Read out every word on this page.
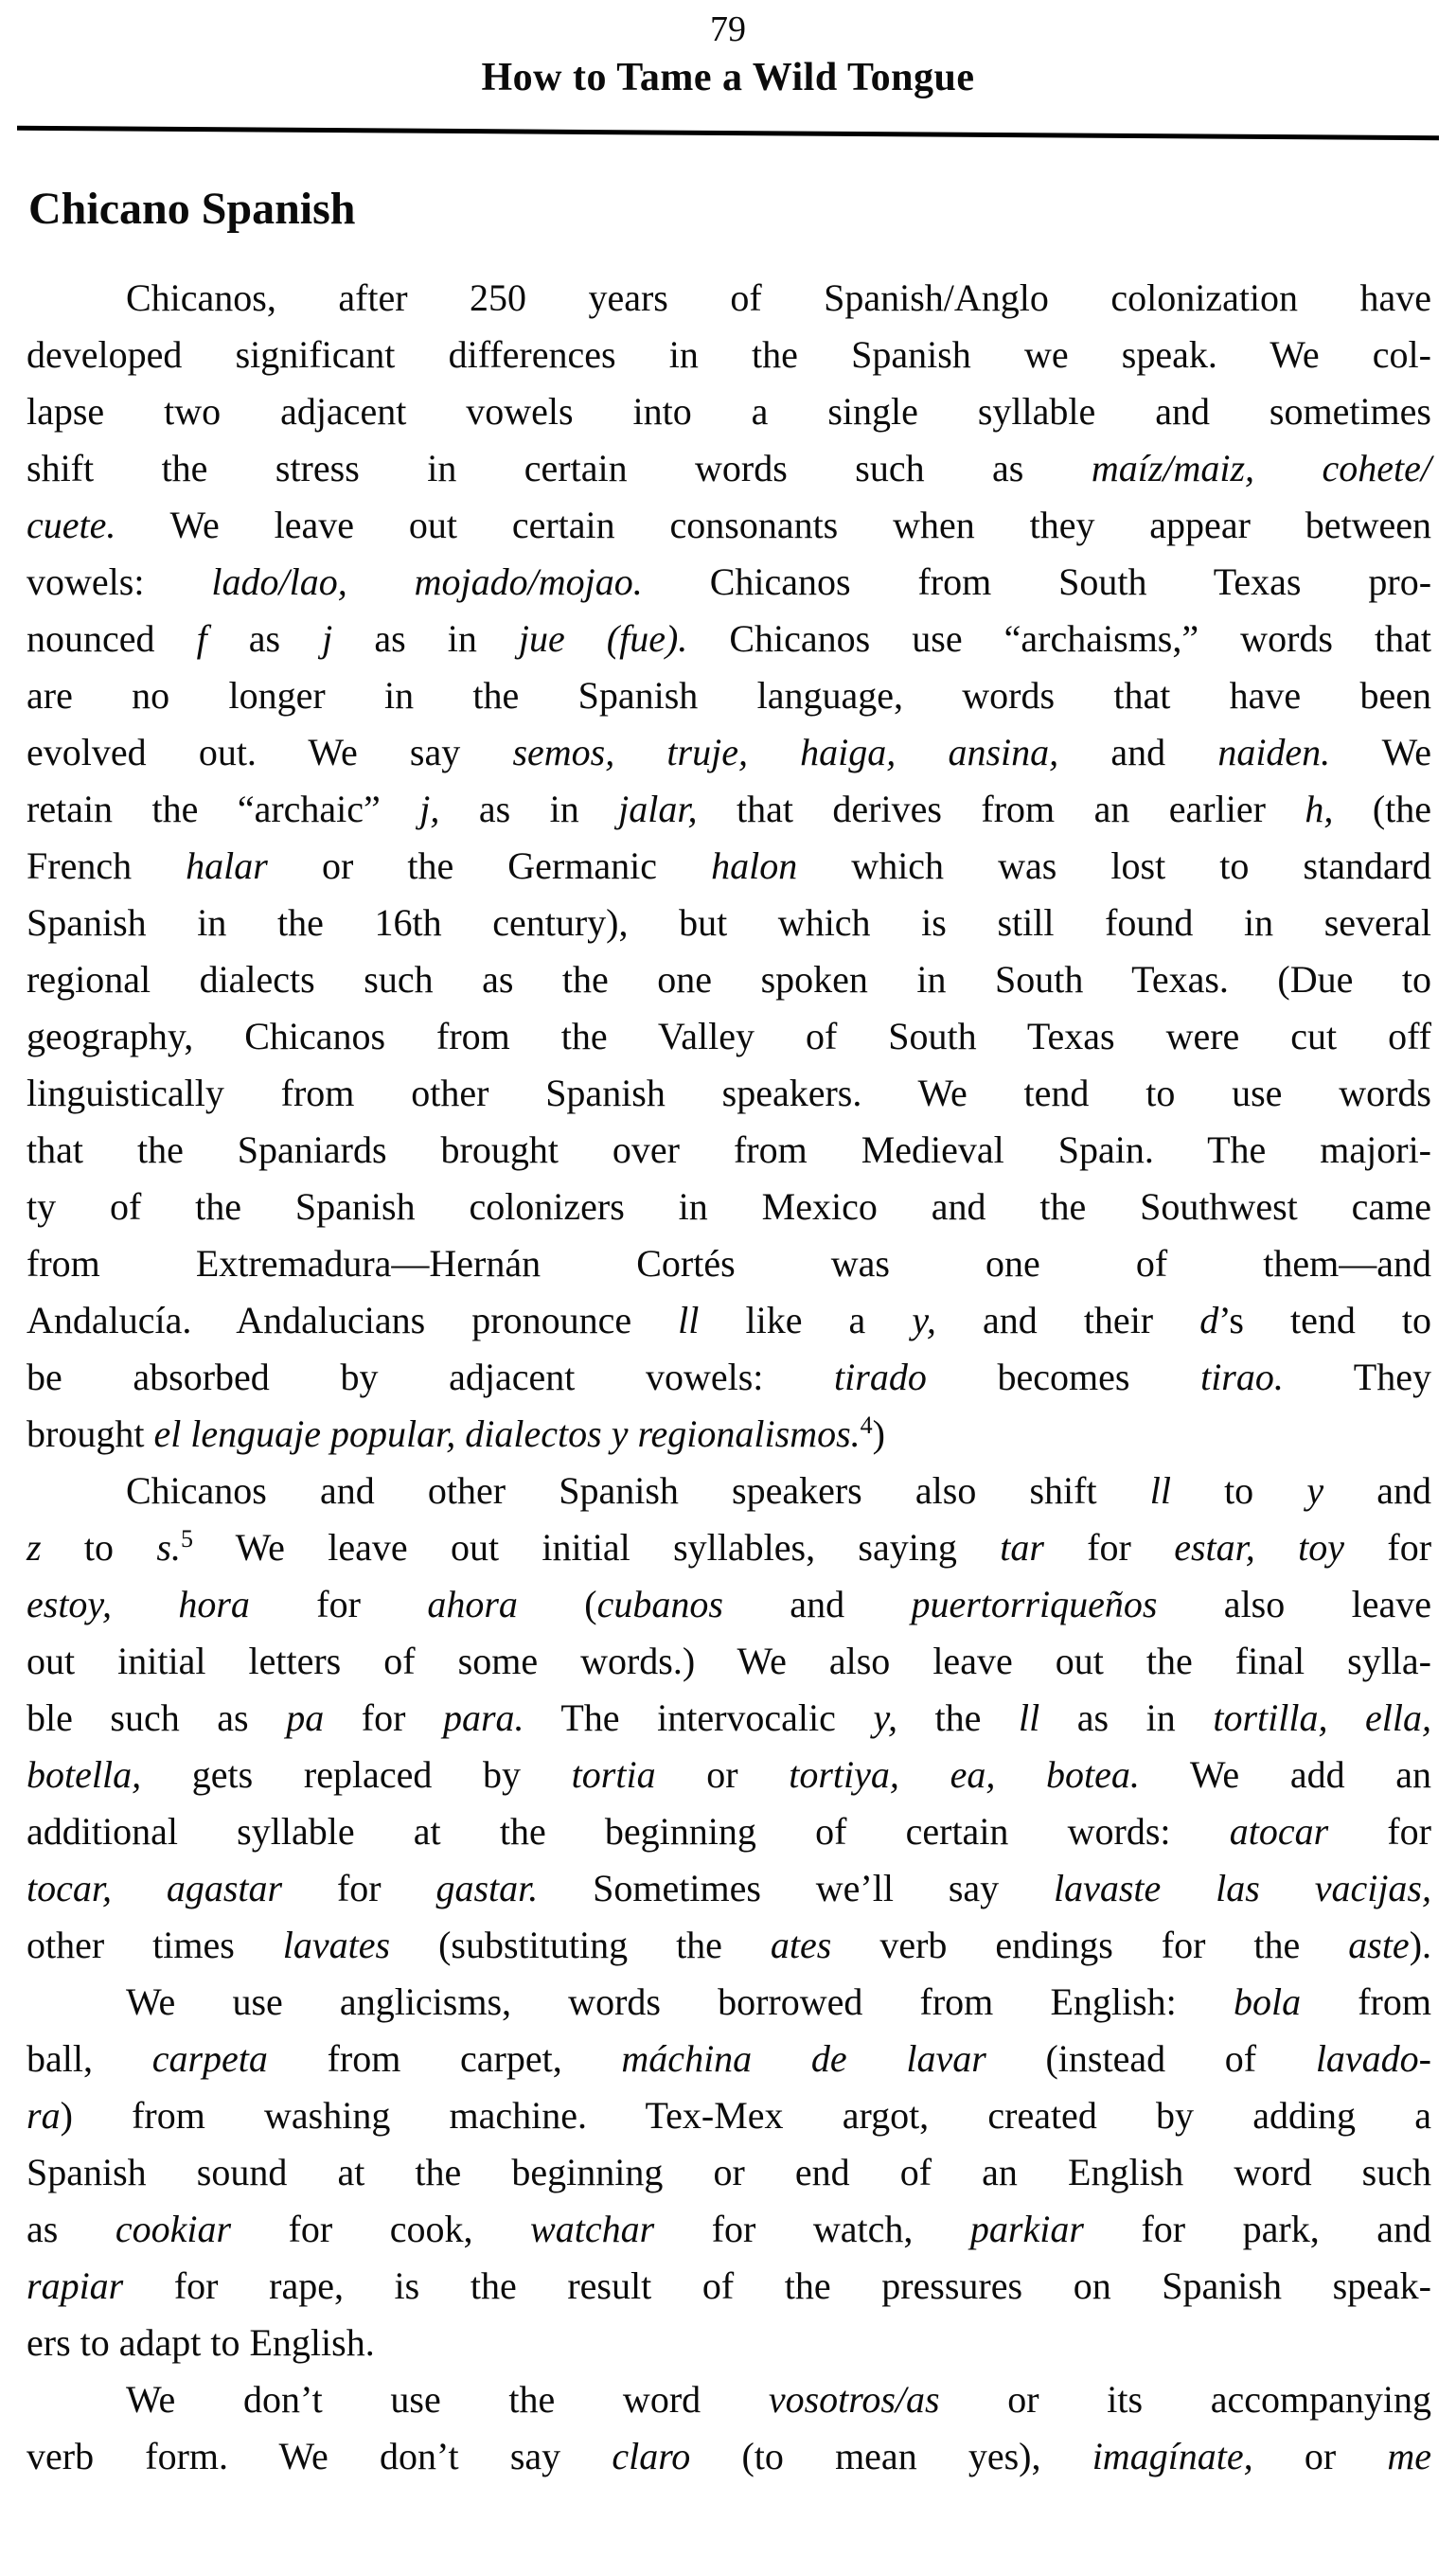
79
How to Tame a Wild Tongue
Chicano Spanish
Chicanos, after 250 years of Spanish/Anglo colonization have
developed significant differences in the Spanish we speak. We col-
lapse two adjacent vowels into a single syllable and sometimes
shift the stress in certain words such as maíz/maiz, cohete/
cuete. We leave out certain consonants when they appear between
vowels: lado/lao, mojado/mojao. Chicanos from South Texas pro-
nounced f as j as in jue (fue). Chicanos use “archaisms,” words that
are no longer in the Spanish language, words that have been
evolved out. We say semos, truje, haiga, ansina, and naiden. We
retain the “archaic” j, as in jalar, that derives from an earlier h, (the
French halar or the Germanic halon which was lost to standard
Spanish in the 16th century), but which is still found in several
regional dialects such as the one spoken in South Texas. (Due to
geography, Chicanos from the Valley of South Texas were cut off
linguistically from other Spanish speakers. We tend to use words
that the Spaniards brought over from Medieval Spain. The majori-
ty of the Spanish colonizers in Mexico and the Southwest came
from Extremadura—Hernán Cortés was one of them—and
Andalucía. Andalucians pronounce ll like a y, and their d’s tend to
be absorbed by adjacent vowels: tirado becomes tirao. They
brought el lenguaje popular, dialectos y regionalismos.$^4$)
Chicanos and other Spanish speakers also shift ll to y and
z to s.$^5$ We leave out initial syllables, saying tar for estar, toy for
estoy, hora for ahora (cubanos and puertorriqueños also leave
out initial letters of some words.) We also leave out the final sylla-
ble such as pa for para. The intervocalic y, the ll as in tortilla, ella,
botella, gets replaced by tortia or tortiya, ea, botea. We add an
additional syllable at the beginning of certain words: atocar for
tocar, agastar for gastar. Sometimes we’ll say lavaste las vacijas,
other times lavates (substituting the ates verb endings for the aste).
We use anglicisms, words borrowed from English: bola from
ball, carpeta from carpet, máchina de lavar (instead of lavado-
ra) from washing machine. Tex-Mex argot, created by adding a
Spanish sound at the beginning or end of an English word such
as cookiar for cook, watchar for watch, parkiar for park, and
rapiar for rape, is the result of the pressures on Spanish speak-
ers to adapt to English.
We don’t use the word vosotros/as or its accompanying
verb form. We don’t say claro (to mean yes), imagínate, or me
